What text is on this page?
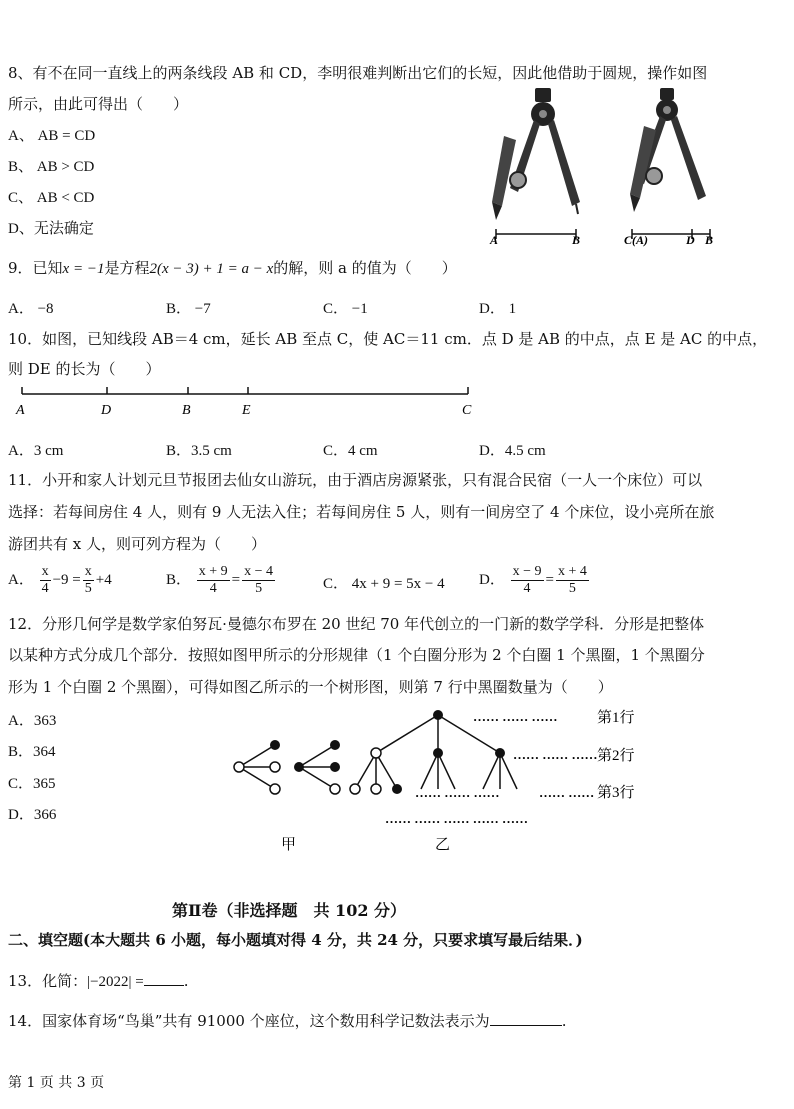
8、有不在同一直线上的两条线段 AB 和 CD，李明很难判断出它们的长短，因此他借助于圆规，操作如图
所示，由此可得出（　　）
A、 AB = CD
B、 AB > CD
C、 AB < CD
D、无法确定
A	B	C(A)	D B
9．已知x = −1是方程2(x − 3) + 1 = a − x的解，则 a 的值为（　　）
A． −8	B． −7	C． −1	D． 1
10．如图，已知线段 AB＝4 cm，延长 AB 至点 C，使 AC＝11 cm．点 D 是 AB 的中点，点 E 是 AC 的中点，
则 DE 的长为（　　）
A	D	B	E	C
A．3 cm	B．3.5 cm	C．4 cm	D．4.5 cm
11．小开和家人计划元旦节报团去仙女山游玩，由于酒店房源紧张，只有混合民宿（一人一个床位）可以
选择：若每间房住 4 人，则有 9 人无法入住；若每间房住 5 人，则有一间房空了 4 个床位，设小亮所在旅
游团共有 x 人，则可列方程为（　　）
A． $\frac{x}{4} -9 = \frac{x}{5} +4$	B． $\frac{x + 9}{4} = \frac{x - 4}{5}$	C． 4x + 9 = 5x − 4 D． $\frac{x - 9}{4} = \frac{x + 4}{5}$
12．分形几何学是数学家伯努瓦·曼德尔布罗在 20 世纪 70 年代创立的一门新的数学学科．分形是把整体
以某种方式分成几个部分．按照如图甲所示的分形规律（1 个白圈分形为 2 个白圈 1 个黑圈，1 个黑圈分
形为 1 个白圈 2 个黑圈），可得如图乙所示的一个树形图，则第 7 行中黑圈数量为（　　）
A．363
B．364
C．365
D．366
…… …… ……	第1行
…… …… …… 第2行
…… …… ……	…… …… 第3行
…… …… …… …… ……
甲	乙
第Ⅱ卷（非选择题　共 102 分）
二、填空题(本大题共 6 小题，每小题填对得 4 分，共 24 分，只要求填写最后结果．)
13．化简：|−2022| =	.
14．国家体育场“鸟巢”共有 91000 个座位，这个数用科学记数法表示为	.
第 1 页 共 3 页
